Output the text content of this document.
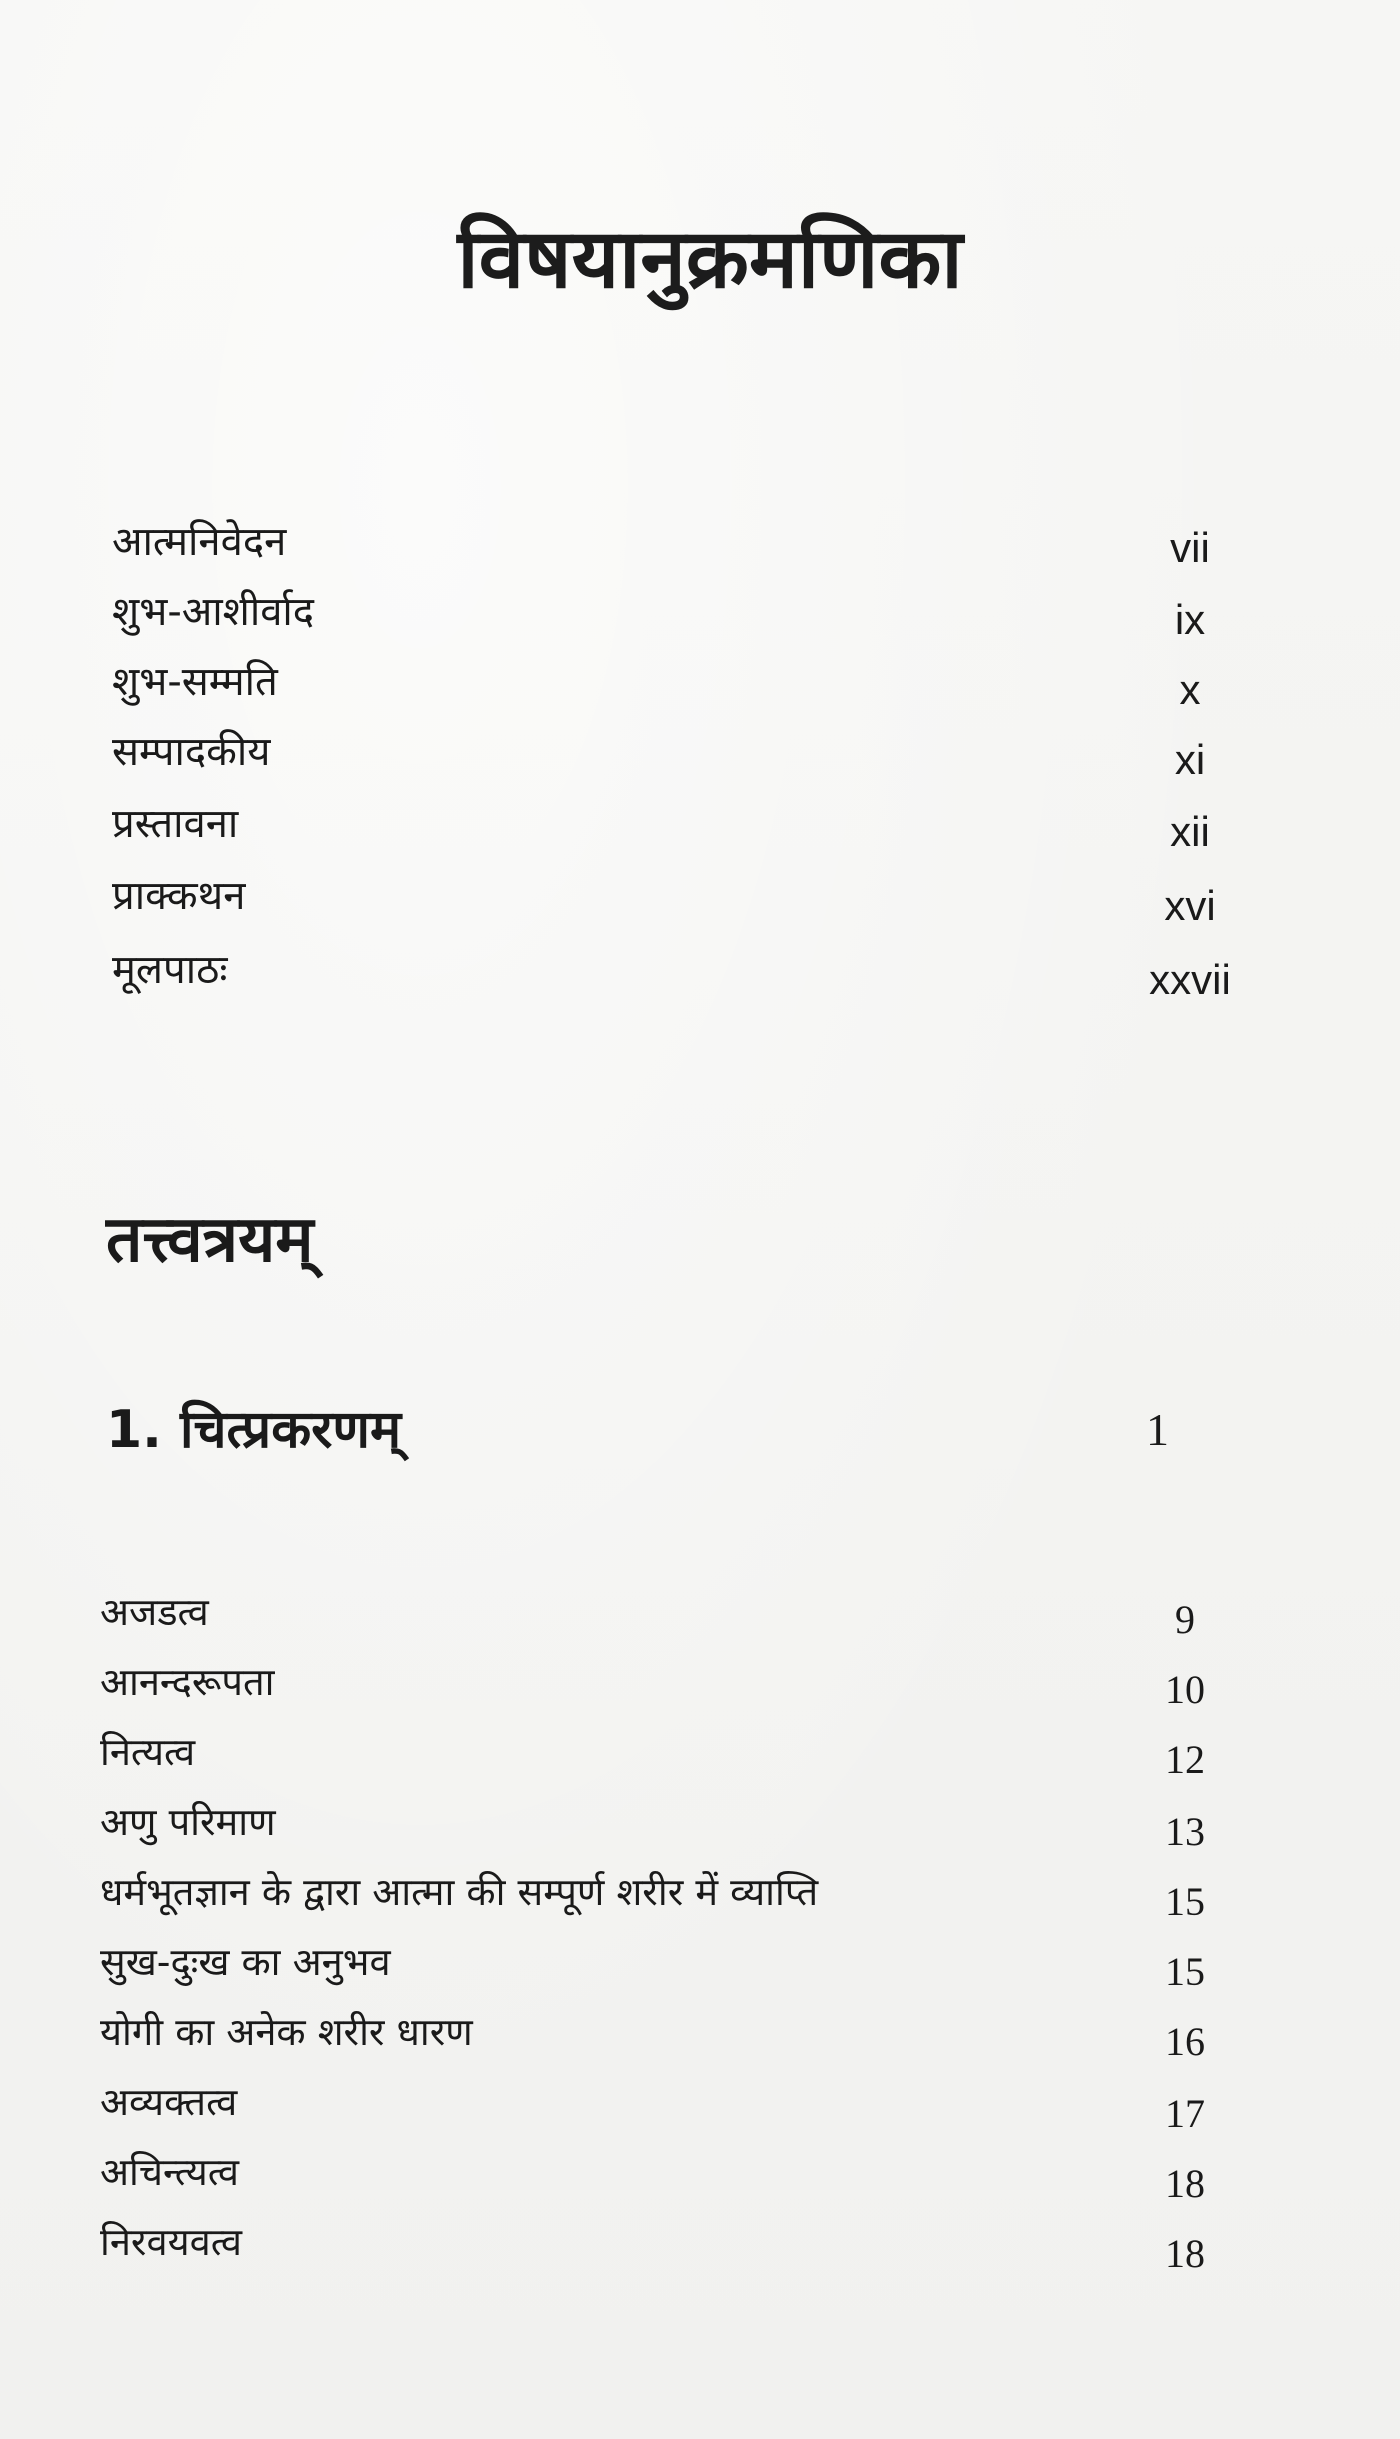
विषयानुक्रमणिका
आत्मनिवेदन	vii
शुभ-आशीर्वाद	ix
शुभ-सम्मति	x
सम्पादकीय	xi
प्रस्तावना	xii
प्राक्कथन	xvi
मूलपाठः	xxvii
तत्त्वत्रयम्
1. चित्प्रकरणम्	1
अजडत्व	9
आनन्दरूपता	10
नित्यत्व	12
अणु परिमाण	13
धर्मभूतज्ञान के द्वारा आत्मा की सम्पूर्ण शरीर में व्याप्ति	15
सुख-दुःख का अनुभव	15
योगी का अनेक शरीर धारण	16
अव्यक्तत्व	17
अचिन्त्यत्व	18
निरवयवत्व	18
